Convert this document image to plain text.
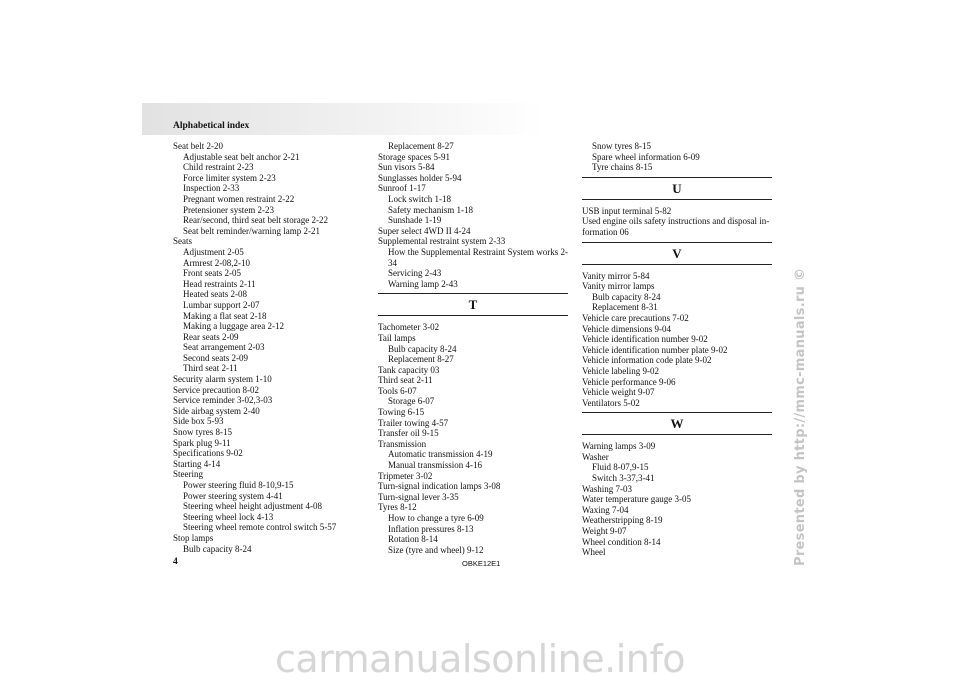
Alphabetical index
Seat belt 2-20
Adjustable seat belt anchor 2-21
Child restraint 2-23
Force limiter system 2-23
Inspection 2-33
Pregnant women restraint 2-22
Pretensioner system 2-23
Rear/second, third seat belt storage 2-22
Seat belt reminder/warning lamp 2-21
Seats
Adjustment 2-05
Armrest 2-08,2-10
Front seats 2-05
Head restraints 2-11
Heated seats 2-08
Lumbar support 2-07
Making a flat seat 2-18
Making a luggage area 2-12
Rear seats 2-09
Seat arrangement 2-03
Second seats 2-09
Third seat 2-11
Security alarm system 1-10
Service precaution 8-02
Service reminder 3-02,3-03
Side airbag system 2-40
Side box 5-93
Snow tyres 8-15
Spark plug 9-11
Specifications 9-02
Starting 4-14
Steering
Power steering fluid 8-10,9-15
Power steering system 4-41
Steering wheel height adjustment 4-08
Steering wheel lock 4-13
Steering wheel remote control switch 5-57
Stop lamps
Bulb capacity 8-24
Replacement 8-27
Storage spaces 5-91
Sun visors 5-84
Sunglasses holder 5-94
Sunroof 1-17
Lock switch 1-18
Safety mechanism 1-18
Sunshade 1-19
Super select 4WD II 4-24
Supplemental restraint system 2-33
How the Supplemental Restraint System works 2-34
Servicing 2-43
Warning lamp 2-43
T
Tachometer 3-02
Tail lamps
Bulb capacity 8-24
Replacement 8-27
Tank capacity 03
Third seat 2-11
Tools 6-07
Storage 6-07
Towing 6-15
Trailer towing 4-57
Transfer oil 9-15
Transmission
Automatic transmission 4-19
Manual transmission 4-16
Tripmeter 3-02
Turn-signal indication lamps 3-08
Turn-signal lever 3-35
Tyres 8-12
How to change a tyre 6-09
Inflation pressures 8-13
Rotation 8-14
Size (tyre and wheel) 9-12
Snow tyres 8-15
Spare wheel information 6-09
Tyre chains 8-15
U
USB input terminal 5-82
Used engine oils safety instructions and disposal in-formation 06
V
Vanity mirror 5-84
Vanity mirror lamps
Bulb capacity 8-24
Replacement 8-31
Vehicle care precautions 7-02
Vehicle dimensions 9-04
Vehicle identification number 9-02
Vehicle identification number plate 9-02
Vehicle information code plate 9-02
Vehicle labeling 9-02
Vehicle performance 9-06
Vehicle weight 9-07
Ventilators 5-02
W
Warning lamps 3-09
Washer
Fluid 8-07,9-15
Switch 3-37,3-41
Washing 7-03
Water temperature gauge 3-05
Waxing 7-04
Weatherstripping 8-19
Weight 9-07
Wheel condition 8-14
Wheel
4	OBKE12E1	Presented by http://mmc-manuals.ru ©
carmanualsonline.info
